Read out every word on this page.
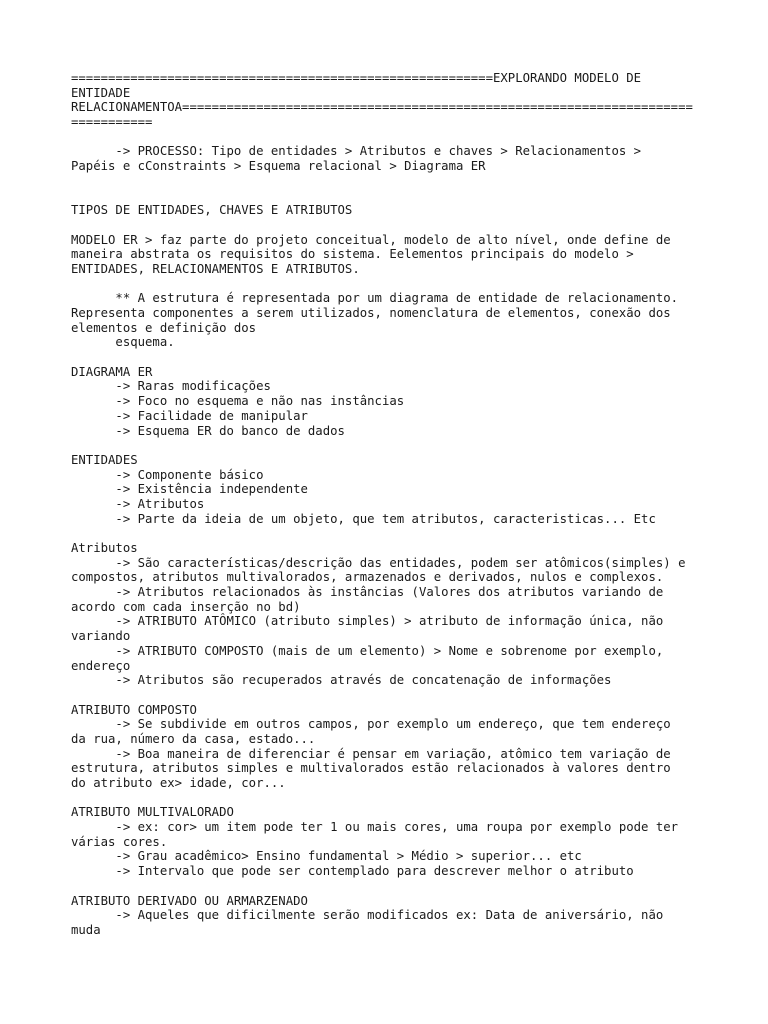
=========================================================EXPLORANDO MODELO DE
ENTIDADE
RELACIONAMENTOA=====================================================================
===========
-> PROCESSO: Tipo de entidades > Atributos e chaves > Relacionamentos >
Papéis e cConstraints > Esquema relacional > Diagrama ER
TIPOS DE ENTIDADES, CHAVES E ATRIBUTOS
MODELO ER > faz parte do projeto conceitual, modelo de alto nível, onde define de
maneira abstrata os requisitos do sistema. Eelementos principais do modelo >
ENTIDADES, RELACIONAMENTOS E ATRIBUTOS.
** A estrutura é representada por um diagrama de entidade de relacionamento.
Representa componentes a serem utilizados, nomenclatura de elementos, conexão dos
elementos e definição dos
esquema.
DIAGRAMA ER
-> Raras modificações
-> Foco no esquema e não nas instâncias
-> Facilidade de manipular
-> Esquema ER do banco de dados
ENTIDADES
-> Componente básico
-> Existência independente
-> Atributos
-> Parte da ideia de um objeto, que tem atributos, caracteristicas... Etc
Atributos
-> São características/descrição das entidades, podem ser atômicos(simples) e
compostos, atributos multivalorados, armazenados e derivados, nulos e complexos.
-> Atributos relacionados às instâncias (Valores dos atributos variando de
acordo com cada inserção no bd)
-> ATRIBUTO ATÔMICO (atributo simples) > atributo de informação única, não
variando
-> ATRIBUTO COMPOSTO (mais de um elemento) > Nome e sobrenome por exemplo,
endereço
-> Atributos são recuperados através de concatenação de informações
ATRIBUTO COMPOSTO
-> Se subdivide em outros campos, por exemplo um endereço, que tem endereço
da rua, número da casa, estado...
-> Boa maneira de diferenciar é pensar em variação, atômico tem variação de
estrutura, atributos simples e multivalorados estão relacionados à valores dentro
do atributo ex> idade, cor...
ATRIBUTO MULTIVALORADO
-> ex: cor> um item pode ter 1 ou mais cores, uma roupa por exemplo pode ter
várias cores.
-> Grau acadêmico> Ensino fundamental > Médio > superior... etc
-> Intervalo que pode ser contemplado para descrever melhor o atributo
ATRIBUTO DERIVADO OU ARMARZENADO
-> Aqueles que dificilmente serão modificados ex: Data de aniversário, não
muda
